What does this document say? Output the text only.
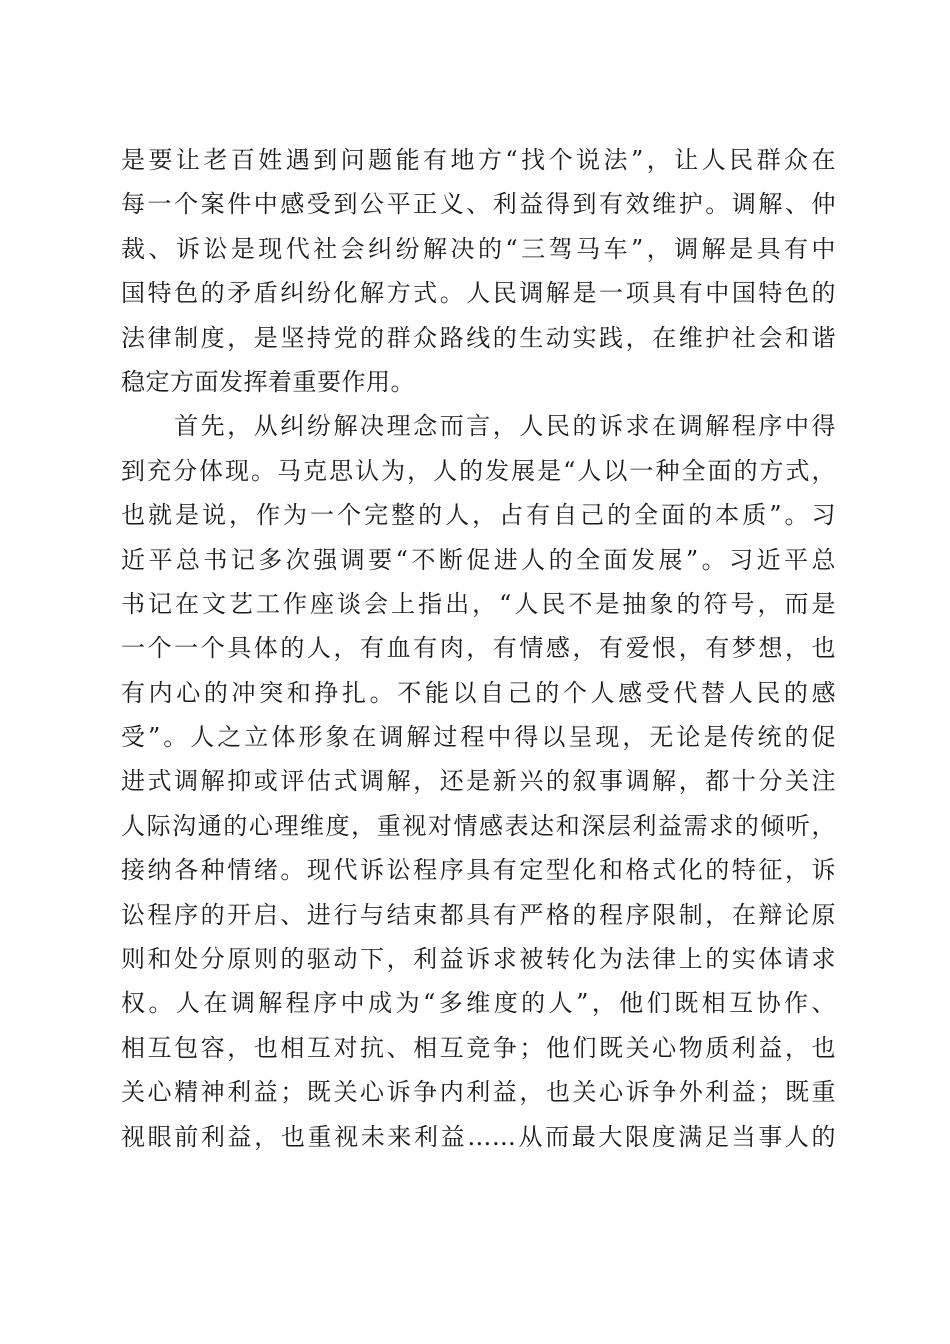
是要让老百姓遇到问题能有地方“找个说法”，让人民群众在
每一个案件中感受到公平正义、利益得到有效维护。调解、仲
裁、诉讼是现代社会纠纷解决的“三驾马车”，调解是具有中
国特色的矛盾纠纷化解方式。人民调解是一项具有中国特色的
法律制度，是坚持党的群众路线的生动实践，在维护社会和谐
稳定方面发挥着重要作用。
　　首先，从纠纷解决理念而言，人民的诉求在调解程序中得
到充分体现。马克思认为，人的发展是“人以一种全面的方式，
也就是说，作为一个完整的人，占有自己的全面的本质”。习
近平总书记多次强调要“不断促进人的全面发展”。习近平总
书记在文艺工作座谈会上指出，“人民不是抽象的符号，而是
一个一个具体的人，有血有肉，有情感，有爱恨，有梦想，也
有内心的冲突和挣扎。不能以自己的个人感受代替人民的感
受”。人之立体形象在调解过程中得以呈现，无论是传统的促
进式调解抑或评估式调解，还是新兴的叙事调解，都十分关注
人际沟通的心理维度，重视对情感表达和深层利益需求的倾听，
接纳各种情绪。现代诉讼程序具有定型化和格式化的特征，诉
讼程序的开启、进行与结束都具有严格的程序限制，在辩论原
则和处分原则的驱动下，利益诉求被转化为法律上的实体请求
权。人在调解程序中成为“多维度的人”，他们既相互协作、
相互包容，也相互对抗、相互竞争；他们既关心物质利益，也
关心精神利益；既关心诉争内利益，也关心诉争外利益；既重
视眼前利益，也重视未来利益……从而最大限度满足当事人的
